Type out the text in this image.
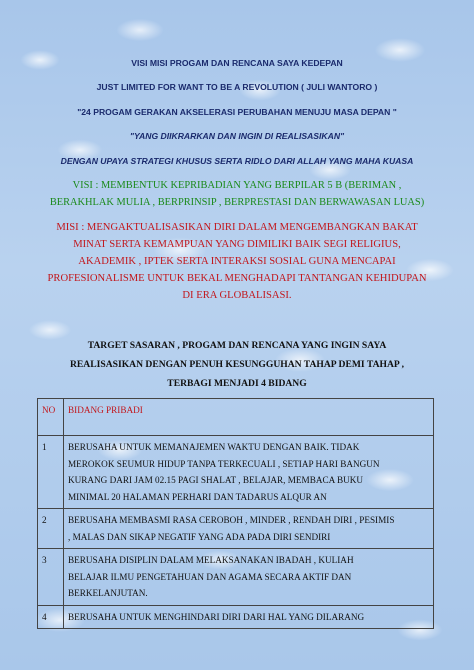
VISI MISI PROGAM DAN RENCANA SAYA KEDEPAN
JUST LIMITED FOR WANT TO BE A REVOLUTION ( JULI WANTORO )
"24 PROGAM GERAKAN AKSELERASI PERUBAHAN MENUJU MASA DEPAN "
"YANG DIIKRARKAN DAN INGIN DI REALISASIKAN"
DENGAN UPAYA STRATEGI KHUSUS SERTA RIDLO DARI ALLAH YANG MAHA KUASA
VISI : MEMBENTUK KEPRIBADIAN YANG BERPILAR 5 B (BERIMAN ,
BERAKHLAK MULIA , BERPRINSIP , BERPRESTASI DAN BERWAWASAN LUAS)
MISI : MENGAKTUALISASIKAN DIRI DALAM MENGEMBANGKAN BAKAT
MINAT SERTA KEMAMPUAN YANG DIMILIKI BAIK SEGI RELIGIUS,
AKADEMIK , IPTEK SERTA INTERAKSI SOSIAL GUNA MENCAPAI
PROFESIONALISME UNTUK BEKAL MENGHADAPI TANTANGAN KEHIDUPAN
DI ERA GLOBALISASI.
TARGET SASARAN , PROGAM DAN RENCANA YANG INGIN SAYA
REALISASIKAN DENGAN PENUH KESUNGGUHAN TAHAP DEMI TAHAP ,
TERBAGI MENJADI 4 BIDANG
NO	BIDANG PRIBADI
1	BERUSAHA UNTUK MEMANAJEMEN WAKTU DENGAN BAIK. TIDAK
MEROKOK SEUMUR HIDUP TANPA TERKECUALI , SETIAP HARI BANGUN
KURANG DARI JAM 02.15 PAGI SHALAT , BELAJAR, MEMBACA BUKU
MINIMAL 20 HALAMAN PERHARI DAN TADARUS ALQUR AN

2	BERUSAHA MEMBASMI RASA CEROBOH , MINDER , RENDAH DIRI , PESIMIS
, MALAS DAN SIKAP NEGATIF YANG ADA PADA DIRI SENDIRI

3	BERUSAHA DISIPLIN DALAM MELAKSANAKAN IBADAH , KULIAH
BELAJAR ILMU PENGETAHUAN DAN AGAMA SECARA AKTIF DAN
BERKELANJUTAN.

4	BERUSAHA UNTUK MENGHINDARI DIRI DARI HAL YANG DILARANG
